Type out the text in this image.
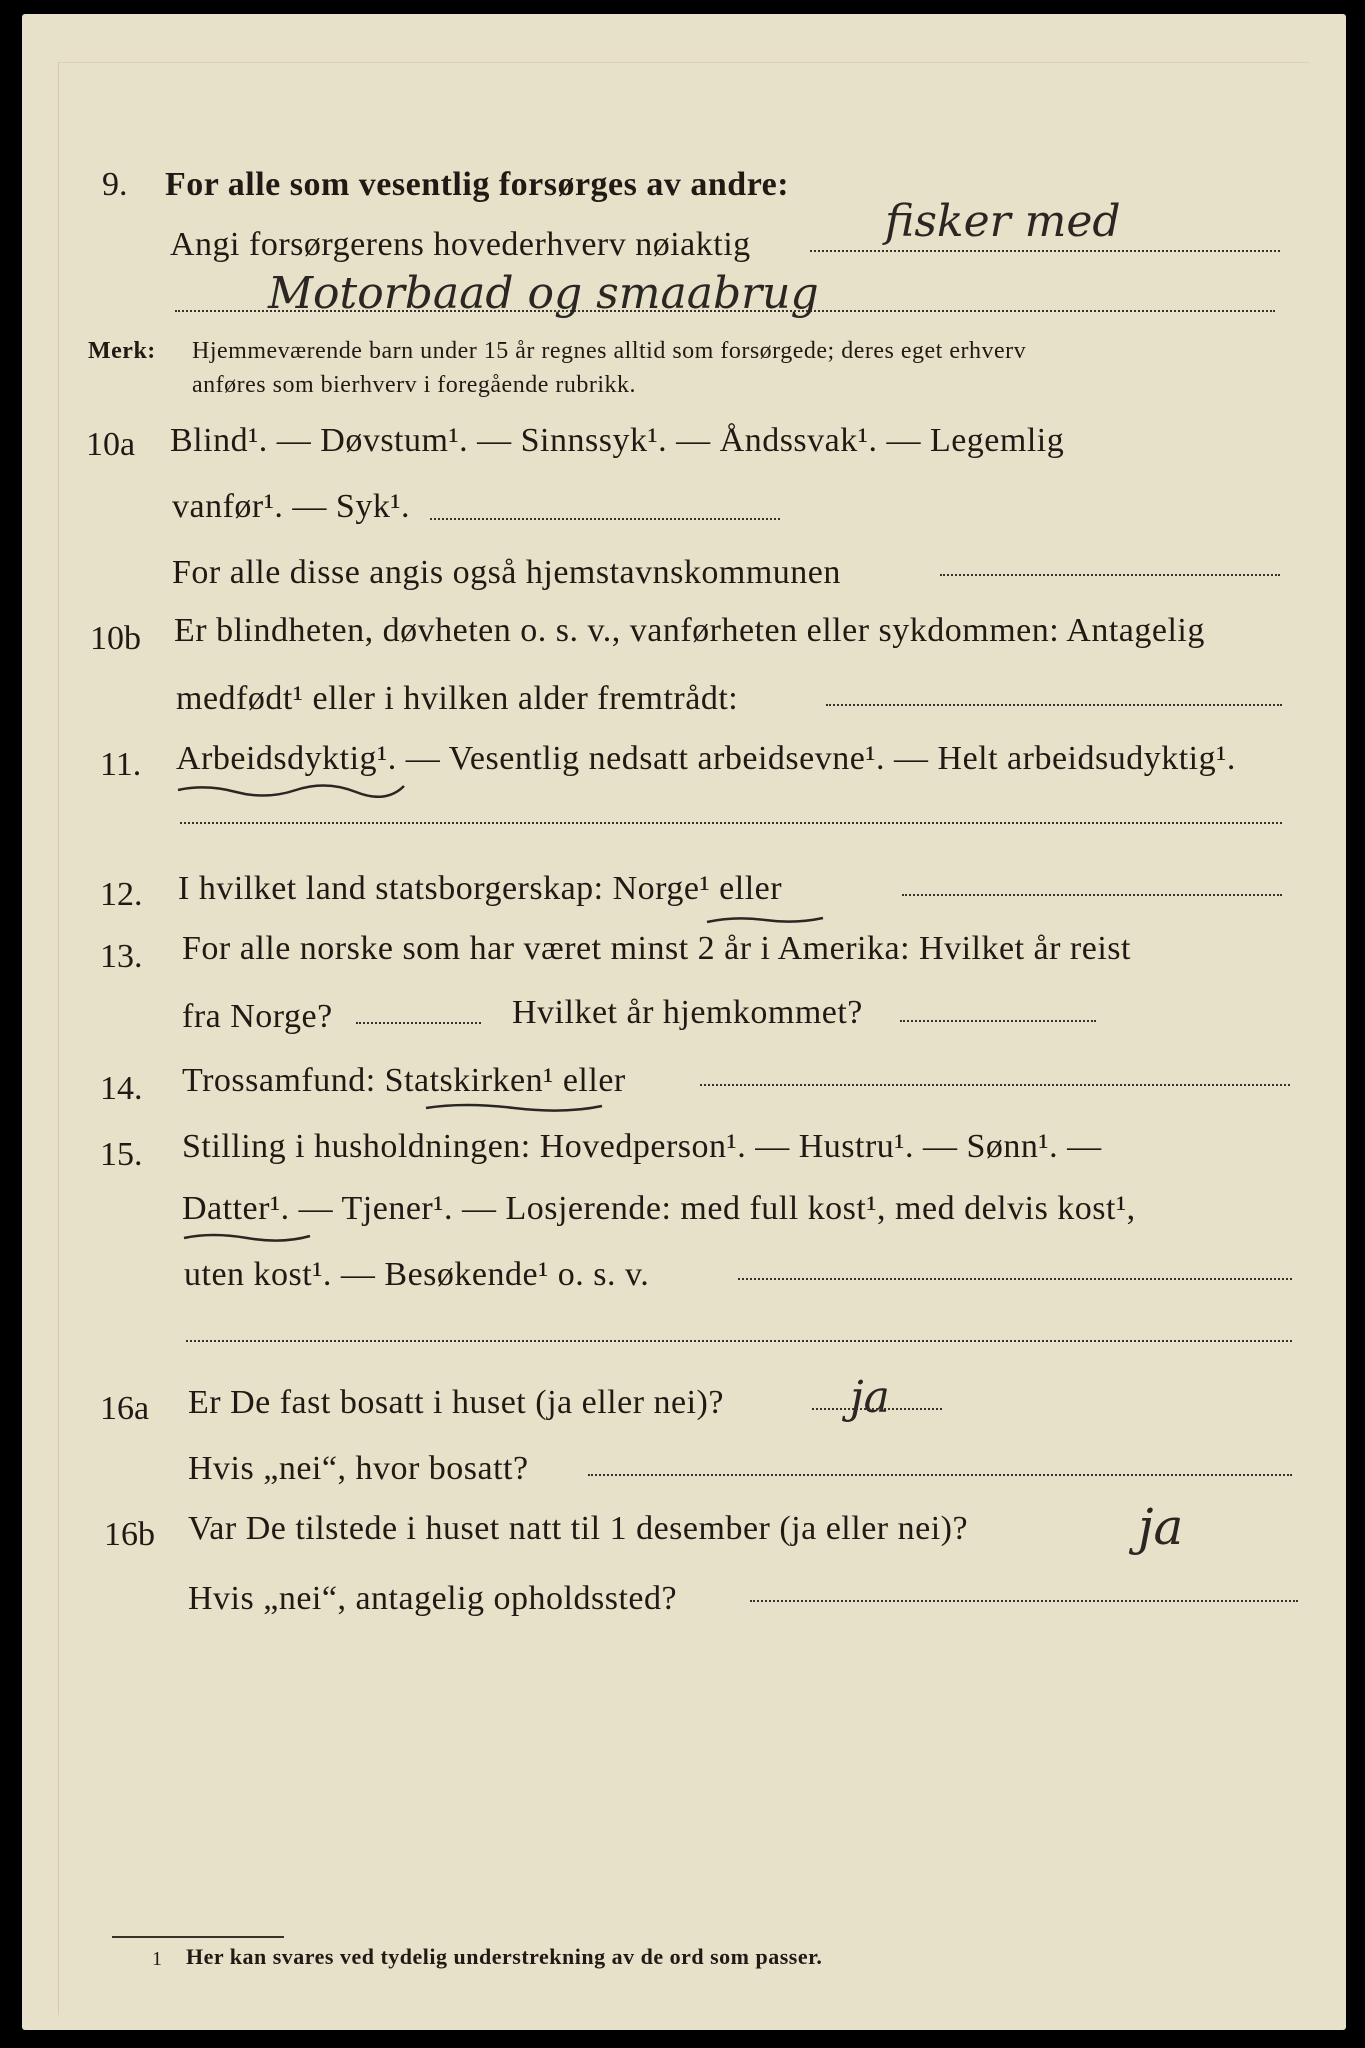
9. For alle som vesentlig forsørges av andre:
Angi forsørgerens hovederhverv nøiaktig	fisker med
Motorbaad og smaabrug
Merk: Hjemmeværende barn under 15 år regnes alltid som forsørgede; deres eget erhverv
anføres som bierhverv i foregående rubrikk.
10a Blind¹. — Døvstum¹. — Sinnssyk¹. — Åndssvak¹. — Legemlig
vanfør¹. — Syk¹.
For alle disse angis også hjemstavnskommunen
10b Er blindheten, døvheten o. s. v., vanførheten eller sykdommen: Antagelig
medfødt¹ eller i hvilken alder fremtrådt:
11. Arbeidsdyktig¹. — Vesentlig nedsatt arbeidsevne¹. — Helt arbeidsudyktig¹.
12. I hvilket land statsborgerskap: Norge¹ eller
13. For alle norske som har været minst 2 år i Amerika: Hvilket år reist
fra Norge?	Hvilket år hjemkommet?
14. Trossamfund: Statskirken¹ eller
15. Stilling i husholdningen: Hovedperson¹. — Hustru¹. — Sønn¹. —
Datter¹. — Tjener¹. — Losjerende: med full kost¹, med delvis kost¹,
uten kost¹. — Besøkende¹ o. s. v.
16a Er De fast bosatt i huset (ja eller nei)?	ja
Hvis „nei“, hvor bosatt?
16b Var De tilstede i huset natt til 1 desember (ja eller nei)?	ja
Hvis „nei“, antagelig opholdssted?
1 Her kan svares ved tydelig understrekning av de ord som passer.
